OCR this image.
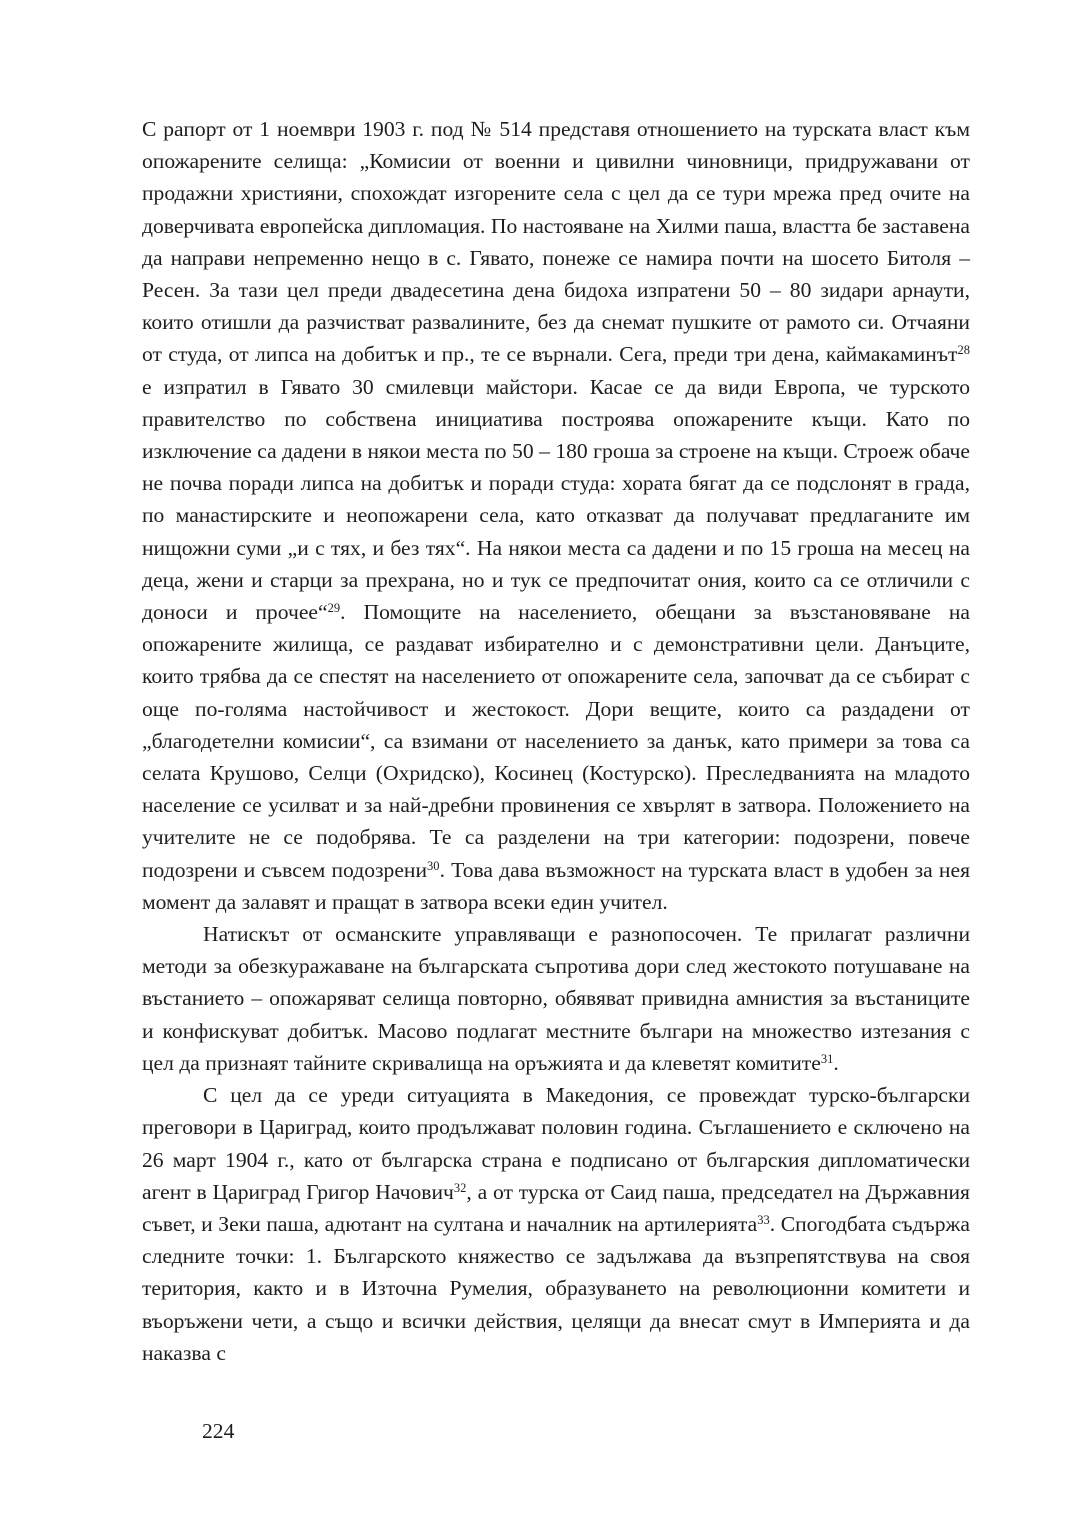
С рапорт от 1 ноември 1903 г. под № 514 представя отношението на турската власт към опожарените селища: „Комисии от военни и цивилни чиновници, придружавани от продажни християни, спохождат изгорените села с цел да се тури мрежа пред очите на доверчивата европейска дипломация. По настояване на Хилми паша, властта бе заставена да направи непременно нещо в с. Гявато, понеже се намира почти на шосето Битоля – Ресен. За тази цел преди двадесетина дена бидоха изпратени 50 – 80 зидари арнаути, които отишли да разчистват развалините, без да снемат пушките от рамото си. Отчаяни от студа, от липса на добитък и пр., те се върнали. Сега, преди три дена, каймакаминът$^{28}$ е изпратил в Гявато 30 смилевци майстори. Касае се да види Европа, че турското правителство по собствена инициатива построява опожарените къщи. Като по изключение са дадени в някои места по 50 – 180 гроша за строене на къщи. Строеж обаче не почва поради липса на добитък и поради студа: хората бягат да се подслонят в града, по манастирските и неопожарени села, като отказват да получават предлаганите им нищожни суми „и с тях, и без тях“. На някои места са дадени и по 15 гроша на месец на деца, жени и старци за прехрана, но и тук се предпочитат ония, които са се отличили с доноси и прочее“$^{29}$. Помощите на населението, обещани за възстановяване на опожарените жилища, се раздават избирателно и с демонстративни цели. Данъците, които трябва да се спестят на населението от опожарените села, започват да се събират с още по-голяма настойчивост и жестокост. Дори вещите, които са раздадени от „благодетелни комисии“, са взимани от населението за данък, като примери за това са селата Крушово, Селци (Охридско), Косинец (Костурско). Преследванията на младото население се усилват и за най-дребни провинения се хвърлят в затвора. Положението на учителите не се подобрява. Те са разделени на три категории: подозрени, повече подозрени и съвсем подозрени$^{30}$. Това дава възможност на турската власт в удобен за нея момент да залавят и пращат в затвора всеки един учител.

Натискът от османските управляващи е разнопосочен. Те прилагат различни методи за обезкуражаване на българската съпротива дори след жестокото потушаване на въстанието – опожаряват селища повторно, обявяват привидна амнистия за въстаниците и конфискуват добитък. Масово подлагат местните българи на множество изтезания с цел да признаят тайните скривалища на оръжията и да клеветят комитите$^{31}$.

С цел да се уреди ситуацията в Македония, се провеждат турско-български преговори в Цариград, които продължават половин година. Съглашението е сключено на 26 март 1904 г., като от българска страна е подписано от българския дипломатически агент в Цариград Григор Начович$^{32}$, а от турска от Саид паша, председател на Държавния съвет, и Зеки паша, адютант на султана и началник на артилерията$^{33}$. Спогодбата съдържа следните точки: 1. Българското княжество се задължава да възпрепятствува на своя територия, както и в Източна Румелия, образуването на революционни комитети и въоръжени чети, а също и всички действия, целящи да внесат смут в Империята и да наказва с

224
